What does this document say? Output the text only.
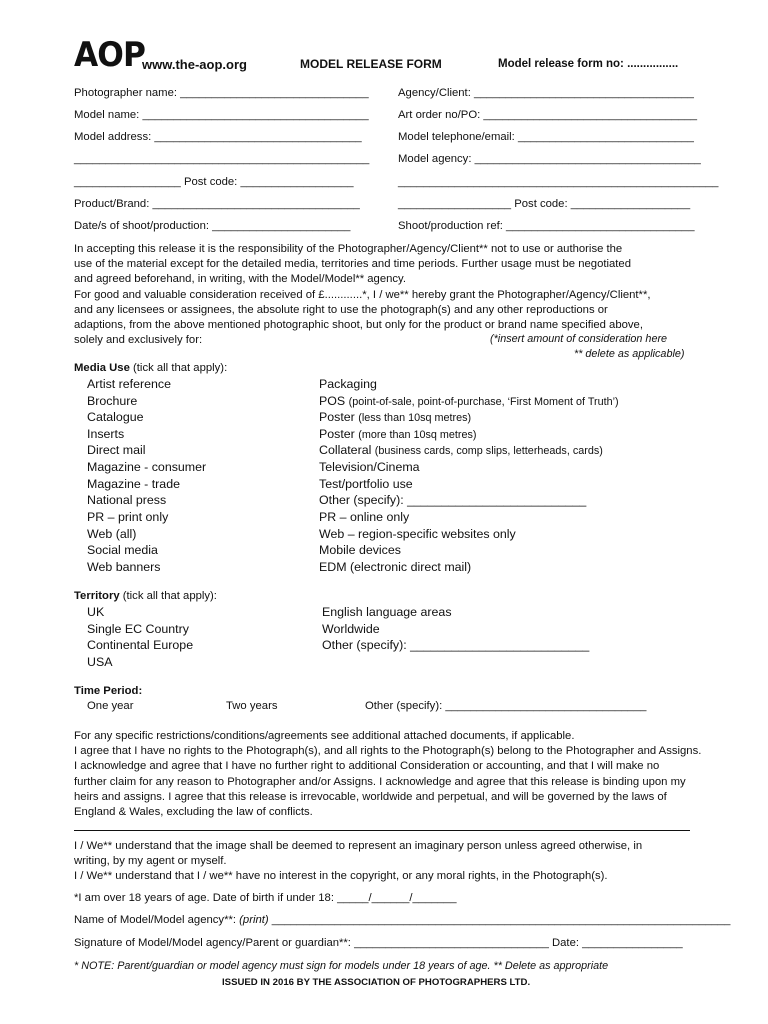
AOP
www.the-aop.org	MODEL RELEASE FORM	Model release form no: ................
Photographer name: ______________________________
Model name: ____________________________________
Model address: _________________________________
_______________________________________________
_________________ Post code: __________________
Product/Brand: _________________________________
Date/s of shoot/production: ______________________
Agency/Client: ___________________________________
Art order no/PO: __________________________________
Model telephone/email: ____________________________
Model agency: ____________________________________
___________________________________________________
__________________ Post code: ___________________
Shoot/production ref: ______________________________
In accepting this release it is the responsibility of the Photographer/Agency/Client** not to use or authorise the
use of the material except for the detailed media, territories and time periods. Further usage must be negotiated
and agreed beforehand, in writing, with the Model/Model** agency.
For good and valuable consideration received of £............*, I / we** hereby grant the Photographer/Agency/Client**,
and any licensees or assignees, the absolute right to use the photograph(s) and any other reproductions or
adaptions, from the above mentioned photographic shoot, but only for the product or brand name specified above,
solely and exclusively for:	(*insert amount of consideration here
** delete as applicable)
Media Use (tick all that apply):
Artist reference
Brochure
Catalogue
Inserts
Direct mail
Magazine - consumer
Magazine - trade
National press
PR – print only
Web (all)
Social media
Web banners
Packaging
POS (point-of-sale, point-of-purchase, ‘First Moment of Truth’)
Poster (less than 10sq metres)
Poster (more than 10sq metres)
Collateral (business cards, comp slips, letterheads, cards)
Television/Cinema
Test/portfolio use
Other (specify): __________________________
PR – online only
Web – region-specific websites only
Mobile devices
EDM (electronic direct mail)
Territory (tick all that apply):
UK
Single EC Country
Continental Europe
USA
English language areas
Worldwide
Other (specify): __________________________
Time Period:
One year	Two years	Other (specify): ________________________________
For any specific restrictions/conditions/agreements see additional attached documents, if applicable.
I agree that I have no rights to the Photograph(s), and all rights to the Photograph(s) belong to the Photographer and Assigns.
I acknowledge and agree that I have no further right to additional Consideration or accounting, and that I will make no
further claim for any reason to Photographer and/or Assigns. I acknowledge and agree that this release is binding upon my
heirs and assigns. I agree that this release is irrevocable, worldwide and perpetual, and will be governed by the laws of
England & Wales, excluding the law of conflicts.
I / We** understand that the image shall be deemed to represent an imaginary person unless agreed otherwise, in
writing, by my agent or myself.
I / We** understand that I / we** have no interest in the copyright, or any moral rights, in the Photograph(s).
*I am over 18 years of age. Date of birth if under 18: _____/______/_______
Name of Model/Model agency**: (print) _________________________________________________________________________
Signature of Model/Model agency/Parent or guardian**: _______________________________ Date: ________________
* NOTE: Parent/guardian or model agency must sign for models under 18 years of age. ** Delete as appropriate
ISSUED IN 2016 BY THE ASSOCIATION OF PHOTOGRAPHERS LTD.
